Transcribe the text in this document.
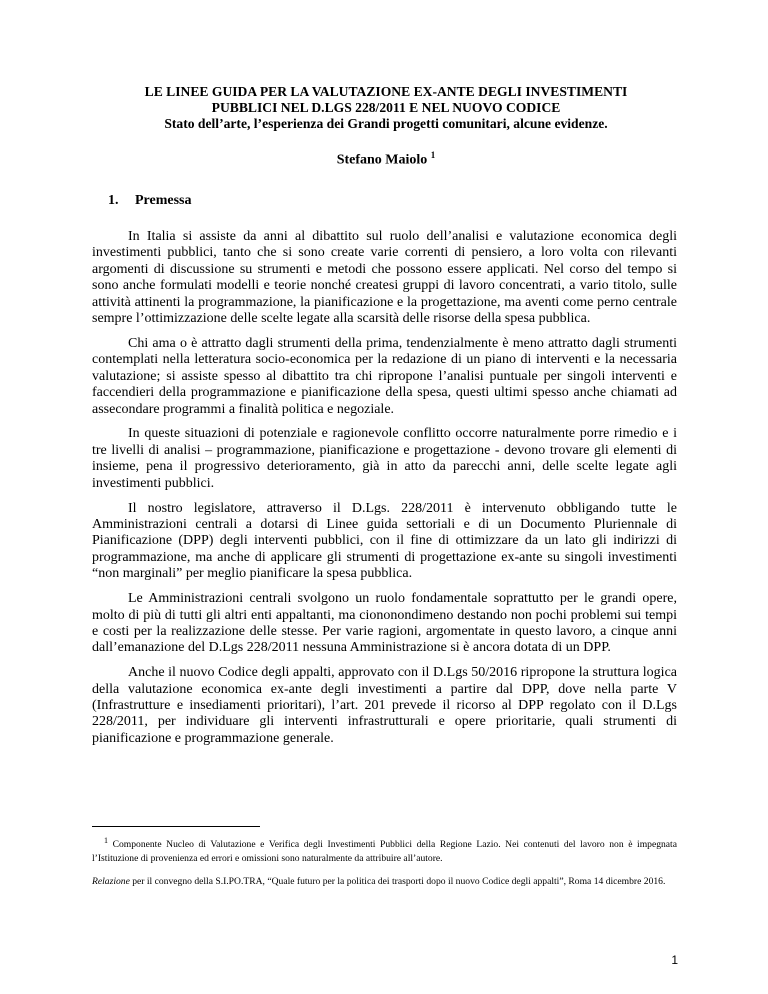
LE LINEE GUIDA PER LA VALUTAZIONE EX-ANTE DEGLI INVESTIMENTI
PUBBLICI NEL D.LGS 228/2011 E NEL NUOVO CODICE
Stato dell’arte, l’esperienza dei Grandi progetti comunitari, alcune evidenze.
Stefano Maiolo $^1$
1. Premessa

In Italia si assiste da anni al dibattito sul ruolo dell’analisi e valutazione economica degli investimenti pubblici, tanto che si sono create varie correnti di pensiero, a loro volta con rilevanti argomenti di discussione su strumenti e metodi che possono essere applicati. Nel corso del tempo si sono anche formulati modelli e teorie nonché createsi gruppi di lavoro concentrati, a vario titolo, sulle attività attinenti la programmazione, la pianificazione e la progettazione, ma aventi come perno centrale sempre l’ottimizzazione delle scelte legate alla scarsità delle risorse della spesa pubblica.

Chi ama o è attratto dagli strumenti della prima, tendenzialmente è meno attratto dagli strumenti contemplati nella letteratura socio-economica per la redazione di un piano di interventi e la necessaria valutazione; si assiste spesso al dibattito tra chi ripropone l’analisi puntuale per singoli interventi e faccendieri della programmazione e pianificazione della spesa, questi ultimi spesso anche chiamati ad assecondare programmi a finalità politica e negoziale.

In queste situazioni di potenziale e ragionevole conflitto occorre naturalmente porre rimedio e i tre livelli di analisi – programmazione, pianificazione e progettazione - devono trovare gli elementi di insieme, pena il progressivo deterioramento, già in atto da parecchi anni, delle scelte legate agli investimenti pubblici.

Il nostro legislatore, attraverso il D.Lgs. 228/2011 è intervenuto obbligando tutte le Amministrazioni centrali a dotarsi di Linee guida settoriali e di un Documento Pluriennale di Pianificazione (DPP) degli interventi pubblici, con il fine di ottimizzare da un lato gli indirizzi di programmazione, ma anche di applicare gli strumenti di progettazione ex-ante su singoli investimenti “non marginali” per meglio pianificare la spesa pubblica.

Le Amministrazioni centrali svolgono un ruolo fondamentale soprattutto per le grandi opere, molto di più di tutti gli altri enti appaltanti, ma ciononondimeno destando non pochi problemi sui tempi e costi per la realizzazione delle stesse. Per varie ragioni, argomentate in questo lavoro, a cinque anni dall’emanazione del D.Lgs 228/2011 nessuna Amministrazione si è ancora dotata di un DPP.

Anche il nuovo Codice degli appalti, approvato con il D.Lgs 50/2016 ripropone la struttura logica della valutazione economica ex-ante degli investimenti a partire dal DPP, dove nella parte V (Infrastrutture e insediamenti prioritari), l’art. 201 prevede il ricorso al DPP regolato con il D.Lgs 228/2011, per individuare gli interventi infrastrutturali e opere prioritarie, quali strumenti di pianificazione e programmazione generale.

$^1$ Componente Nucleo di Valutazione e Verifica degli Investimenti Pubblici della Regione Lazio. Nei contenuti del lavoro non è impegnata l’Istituzione di provenienza ed errori e omissioni sono naturalmente da attribuire all’autore.

Relazione per il convegno della S.I.PO.TRA, “Quale futuro per la politica dei trasporti dopo il nuovo Codice degli appalti”, Roma 14 dicembre 2016.

1
